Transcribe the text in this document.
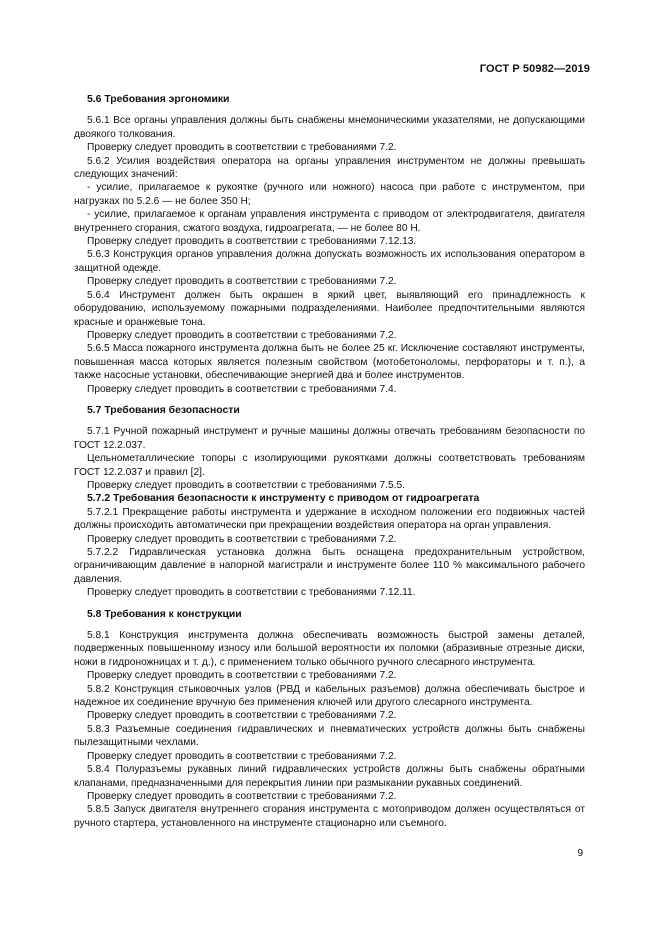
ГОСТ Р 50982—2019

5.6 Требования эргономики

5.6.1 Все органы управления должны быть снабжены мнемоническими указателями, не допускающими двоякого толкования.

Проверку следует проводить в соответствии с требованиями 7.2.

5.6.2 Усилия воздействия оператора на органы управления инструментом не должны превышать следующих значений:

- усилие, прилагаемое к рукоятке (ручного или ножного) насоса при работе с инструментом, при нагрузках по 5.2.6 — не более 350 Н;

- усилие, прилагаемое к органам управления инструмента с приводом от электродвигателя, двигателя внутреннего сгорания, сжатого воздуха, гидроагрегата, — не более 80 Н.

Проверку следует проводить в соответствии с требованиями 7.12.13.

5.6.3 Конструкция органов управления должна допускать возможность их использования оператором в защитной одежде.

Проверку следует проводить в соответствии с требованиями 7.2.

5.6.4 Инструмент должен быть окрашен в яркий цвет, выявляющий его принадлежность к оборудованию, используемому пожарными подразделениями. Наиболее предпочтительными являются красные и оранжевые тона.

Проверку следует проводить в соответствии с требованиями 7.2.

5.6.5 Масса пожарного инструмента должна быть не более 25 кг. Исключение составляют инструменты, повышенная масса которых является полезным свойством (мотобетоноломы, перфораторы и т. п.), а также насосные установки, обеспечивающие энергией два и более инструментов.

Проверку следует проводить в соответствии с требованиями 7.4.

5.7 Требования безопасности

5.7.1 Ручной пожарный инструмент и ручные машины должны отвечать требованиям безопасности по ГОСТ 12.2.037.

Цельнометаллические топоры с изолирующими рукоятками должны соответствовать требованиям ГОСТ 12.2.037 и правил [2].

Проверку следует проводить в соответствии с требованиями 7.5.5.

5.7.2 Требования безопасности к инструменту с приводом от гидроагрегата

5.7.2.1 Прекращение работы инструмента и удержание в исходном положении его подвижных частей должны происходить автоматически при прекращении воздействия оператора на орган управления.

Проверку следует проводить в соответствии с требованиями 7.2.

5.7.2.2 Гидравлическая установка должна быть оснащена предохранительным устройством, ограничивающим давление в напорной магистрали и инструменте более 110 % максимального рабочего давления.

Проверку следует проводить в соответствии с требованиями 7.12.11.

5.8 Требования к конструкции

5.8.1 Конструкция инструмента должна обеспечивать возможность быстрой замены деталей, подверженных повышенному износу или большой вероятности их поломки (абразивные отрезные диски, ножи в гидроножницах и т. д.), с применением только обычного ручного слесарного инструмента.

Проверку следует проводить в соответствии с требованиями 7.2.

5.8.2 Конструкция стыковочных узлов (РВД и кабельных разъемов) должна обеспечивать быстрое и надежное их соединение вручную без применения ключей или другого слесарного инструмента.

Проверку следует проводить в соответствии с требованиями 7.2.

5.8.3 Разъемные соединения гидравлических и пневматических устройств должны быть снабжены пылезащитными чехлами.

Проверку следует проводить в соответствии с требованиями 7.2.

5.8.4 Полуразъемы рукавных линий гидравлических устройств должны быть снабжены обратными клапанами, предназначенными для перекрытия линии при размыкании рукавных соединений.

Проверку следует проводить в соответствии с требованиями 7.2.

5.8.5 Запуск двигателя внутреннего сгорания инструмента с мотоприводом должен осуществляться от ручного стартера, установленного на инструменте стационарно или съемного.

9
